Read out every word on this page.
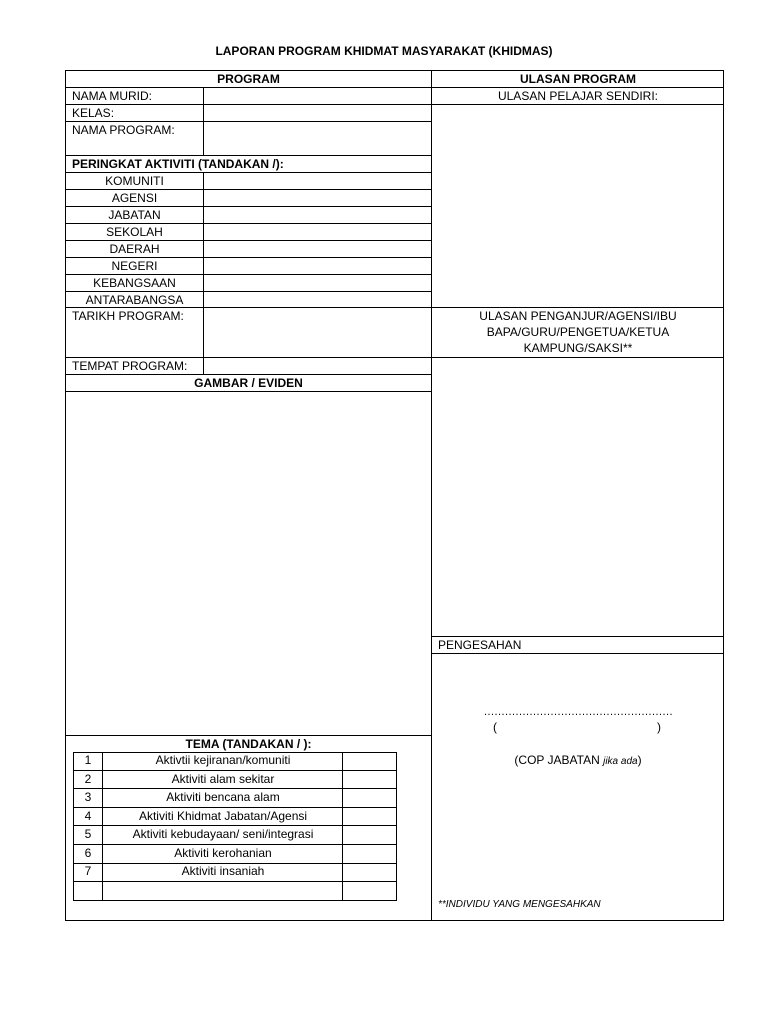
LAPORAN PROGRAM KHIDMAT MASYARAKAT (KHIDMAS)
PROGRAM
NAMA MURID:
KELAS:
NAMA PROGRAM:
PERINGKAT AKTIVITI (TANDAKAN /):
KOMUNITI
AGENSI
JABATAN
SEKOLAH
DAERAH
NEGERI
KEBANGSAAN
ANTARABANGSA
TARIKH PROGRAM:
TEMPAT PROGRAM:
GAMBAR / EVIDEN
TEMA (TANDAKAN / ):
1	Aktivtii kejiranan/komuniti
2	Aktiviti alam sekitar
3	Aktiviti bencana alam
4	Aktiviti Khidmat Jabatan/Agensi
5	Aktiviti kebudayaan/ seni/integrasi
6	Aktiviti kerohanian
7	Aktiviti insaniah
ULASAN PROGRAM
ULASAN PELAJAR SENDIRI:
ULASAN PENGANJUR/AGENSI/IBU
BAPA/GURU/PENGETUA/KETUA
KAMPUNG/SAKSI**
PENGESAHAN
………………………………………………
(	)
(COP JABATAN jika ada)
**INDIVIDU YANG MENGESAHKAN
